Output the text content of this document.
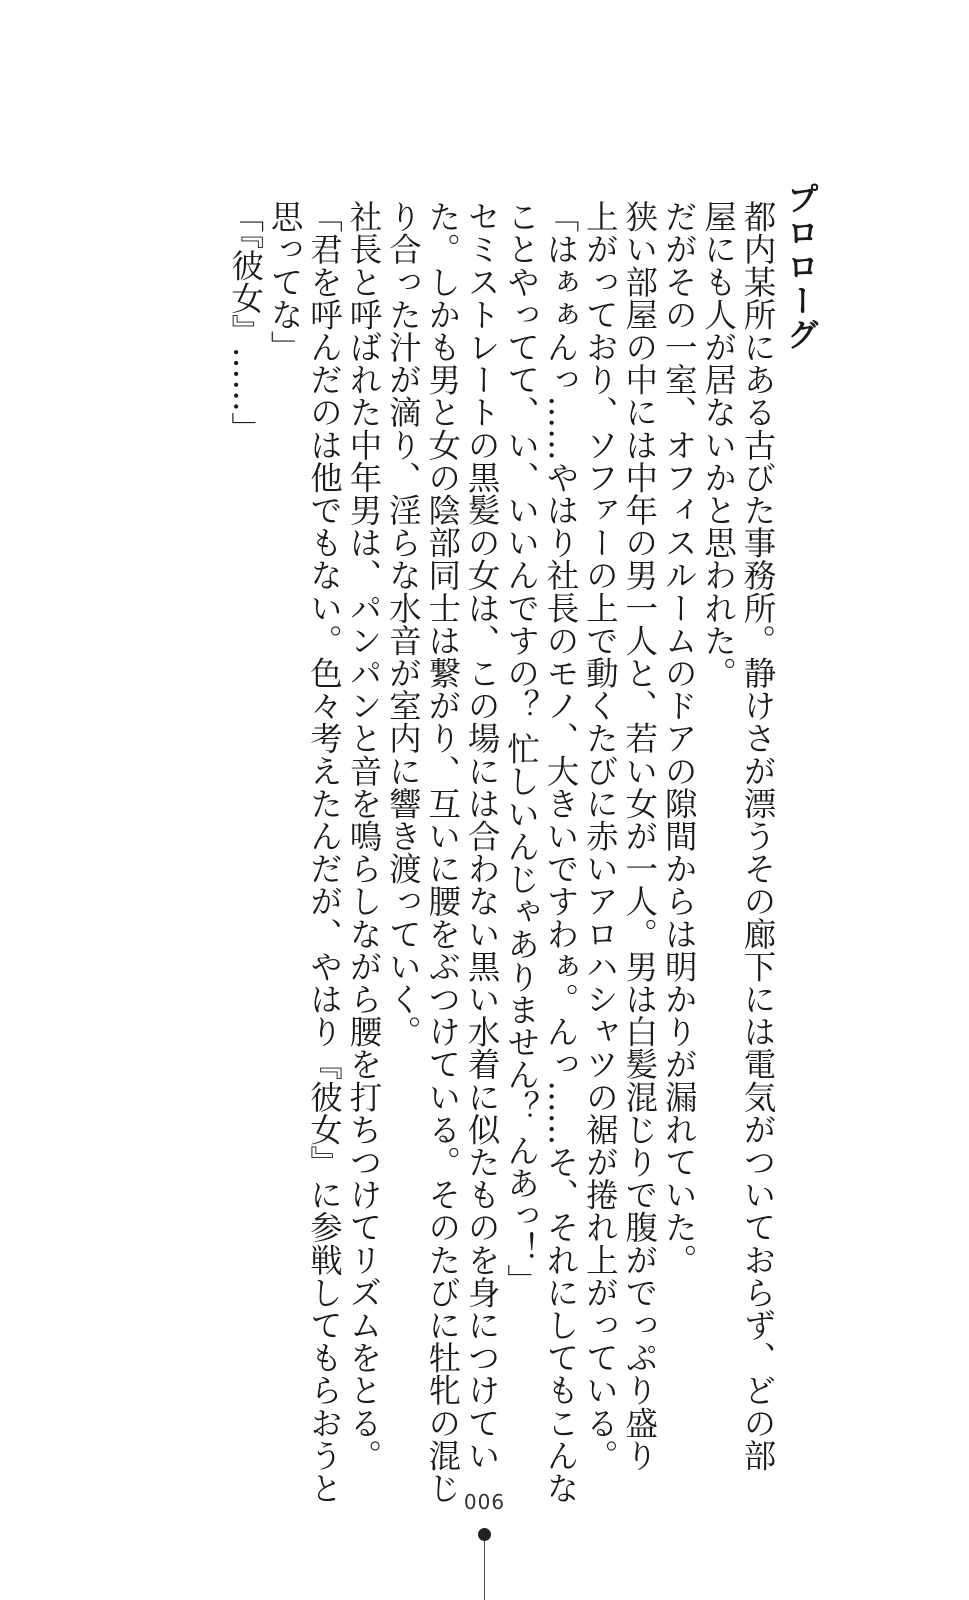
プロローグ

都内某所にある古びた事務所。静けさが漂うその廊下には電気がついておらず、どの部

屋にも人が居ないかと思われた。

だがその一室、オフィスルームのドアの隙間からは明かりが漏れていた。

狭い部屋の中には中年の男一人と、若い女が一人。男は白髪混じりで腹がでっぷり盛り

上がっており、ソファーの上で動くたびに赤いアロハシャツの裾が捲れ上がっている。

「はぁぁんっ……やはり社長のモノ、大きいですわぁ。んっ……そ、それにしてもこんな

ことやってて、い、いいんですの？ 忙しいんじゃありません？ んあっ！」

セミストレートの黒髪の女は、この場には合わない黒い水着に似たものを身につけてい

た。しかも男と女の陰部同士は繋がり、互いに腰をぶつけている。そのたびに牡牝の混じ

り合った汁が滴り、淫らな水音が室内に響き渡っていく。

社長と呼ばれた中年男は、パンパンと音を鳴らしながら腰を打ちつけてリズムをとる。

「君を呼んだのは他でもない。色々考えたんだが、やはり『彼女』に参戦してもらおうと

思ってな」

「『彼女』……」

006
